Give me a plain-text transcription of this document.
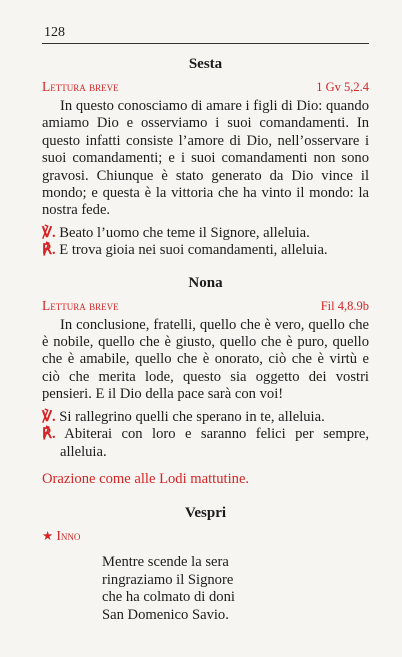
128
Sesta
Lettura breve	1 Gv 5,2.4

In questo conosciamo di amare i figli di Dio: quando amiamo Dio e osserviamo i suoi comandamenti. In questo infatti consiste l’amore di Dio, nell’osservare i suoi comandamenti; e i suoi comandamenti non sono gravosi. Chiunque è stato generato da Dio vince il mondo; e questa è la vittoria che ha vinto il mondo: la nostra fede.

℣. Beato l’uomo che teme il Signore, alleluia.
℟. E trova gioia nei suoi comandamenti, alleluia.
Nona
Lettura breve	Fil 4,8.9b

In conclusione, fratelli, quello che è vero, quello che è nobile, quello che è giusto, quello che è puro, quello che è amabile, quello che è onorato, ciò che è virtù e ciò che merita lode, questo sia oggetto dei vostri pensieri. E il Dio della pace sarà con voi!

℣. Si rallegrino quelli che sperano in te, alleluia.
℟. Abiterai con loro e saranno felici per sempre, alleluia.
Orazione come alle Lodi mattutine.
Vespri
★
Inno
Mentre scende la sera
ringraziamo il Signore
che ha colmato di doni
San Domenico Savio.
